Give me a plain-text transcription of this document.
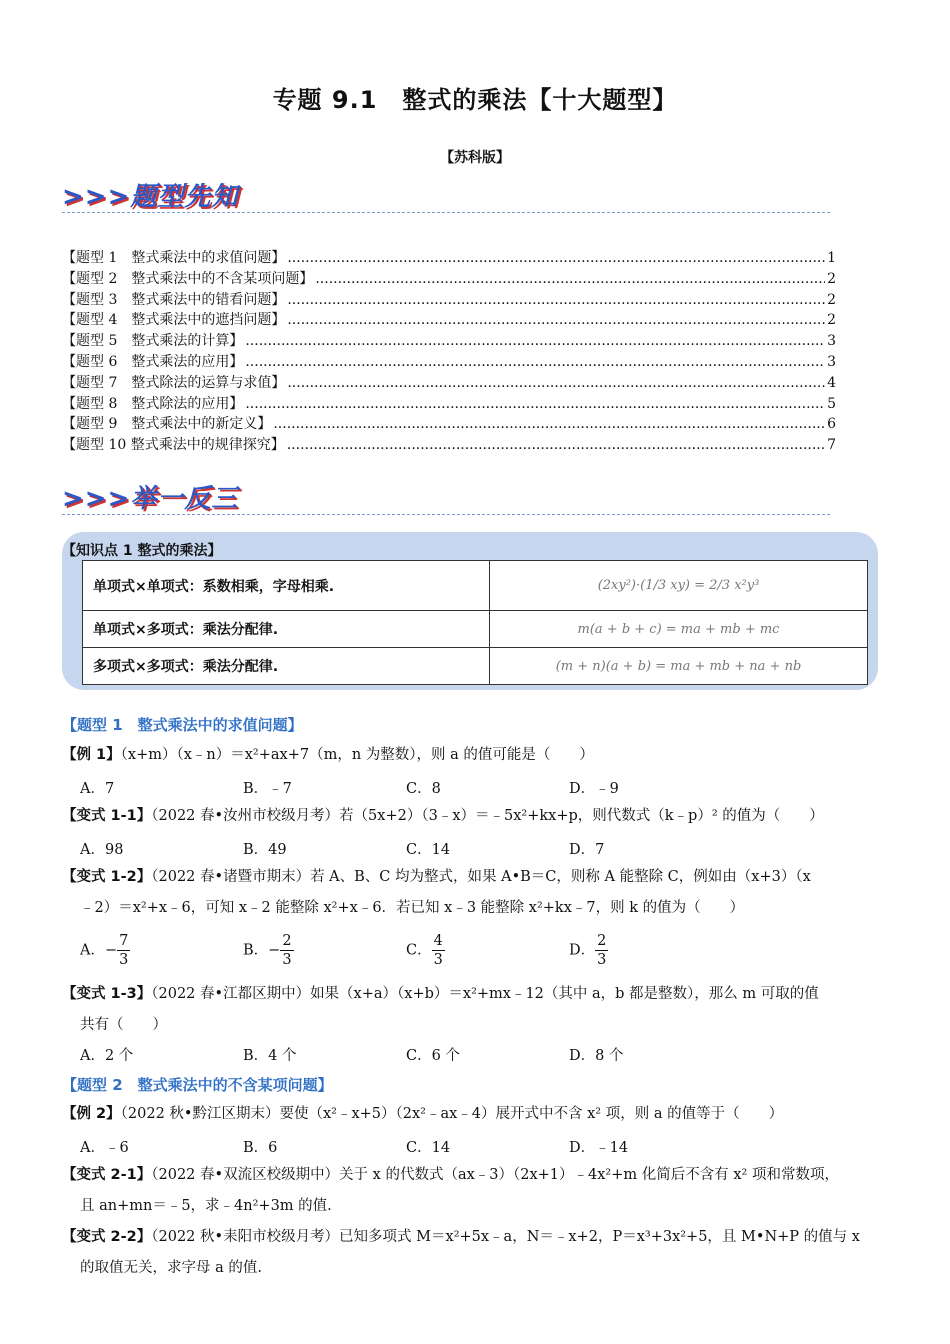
专题 9.1　整式的乘法【十大题型】
【苏科版】
>>>题型先知
【题型 1　整式乘法中的求值问题】 .....	1
【题型 2　整式乘法中的不含某项问题】 .....	2
【题型 3　整式乘法中的错看问题】 .....	2
【题型 4　整式乘法中的遮挡问题】 .....	2
【题型 5　整式乘法的计算】 .....	3
【题型 6　整式乘法的应用】 .....	3
【题型 7　整式除法的运算与求值】 .....	4
【题型 8　整式除法的应用】 .....	5
【题型 9　整式乘法中的新定义】 .....	6
【题型 10 整式乘法中的规律探究】 .....	7
>>>举一反三
【知识点 1 整式的乘法】
单项式×单项式：系数相乘，字母相乘.	(2xy²)·(1/3 xy) = 2/3 x²y³
单项式×多项式：乘法分配律.	m(a + b + c) = ma + mb + mc
多项式×多项式：乘法分配律.	(m + n)(a + b) = ma + mb + na + nb
【题型 1　整式乘法中的求值问题】
【例 1】（x+m）（x﹣n）＝x²+ax+7（m，n 为整数），则 a 的值可能是（　　）
A．7	B．﹣7	C．8	D．﹣9
【变式 1-1】（2022 春•汝州市校级月考）若（5x+2）（3﹣x）＝﹣5x²+kx+p，则代数式（k﹣p）² 的值为（　　）
A．98	B．49	C．14	D．7
【变式 1-2】（2022 春•诸暨市期末）若 A、B、C 均为整式，如果 A•B＝C，则称 A 能整除 C，例如由（x+3）（x
﹣2）＝x²+x﹣6，可知 x﹣2 能整除 x²+x﹣6．若已知 x﹣3 能整除 x²+kx﹣7，则 k 的值为（　　）
A．− $\frac{7}{3}$	B．− $\frac{2}{3}$	C． $\frac{4}{3}$	D． $\frac{2}{3}$
【变式 1-3】（2022 春•江都区期中）如果（x+a）（x+b）＝x²+mx﹣12（其中 a，b 都是整数），那么 m 可取的值
共有（　　）
A．2 个	B．4 个	C．6 个	D．8 个
【题型 2　整式乘法中的不含某项问题】
【例 2】（2022 秋•黔江区期末）要使（x²﹣x+5）（2x²﹣ax﹣4）展开式中不含 x² 项，则 a 的值等于（　　）
A．﹣6	B．6	C．14	D．﹣14
【变式 2-1】（2022 春•双流区校级期中）关于 x 的代数式（ax﹣3）（2x+1）﹣4x²+m 化简后不含有 x² 项和常数项，
且 an+mn＝﹣5，求﹣4n²+3m 的值.
【变式 2-2】（2022 秋•耒阳市校级月考）已知多项式 M＝x²+5x﹣a，N＝﹣x+2，P＝x³+3x²+5，且 M•N+P 的值与 x
的取值无关，求字母 a 的值.
